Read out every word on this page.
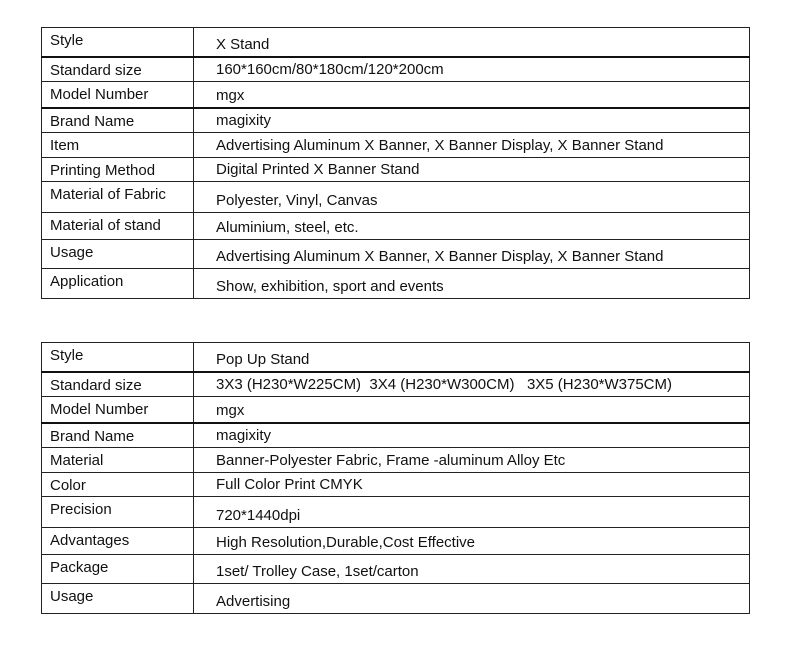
Style	X Stand
Standard size	160*160cm/80*180cm/120*200cm
Model Number	mgx
Brand Name	magixity
Item	Advertising Aluminum X Banner, X Banner Display, X Banner Stand
Printing Method	Digital Printed X Banner Stand
Material of Fabric	Polyester, Vinyl, Canvas
Material of stand	Aluminium, steel, etc.
Usage	Advertising Aluminum X Banner, X Banner Display, X Banner Stand
Application	Show, exhibition, sport and events
Style	Pop Up Stand
Standard size	3X3 (H230*W225CM)  3X4 (H230*W300CM)   3X5 (H230*W375CM)
Model Number	mgx
Brand Name	magixity
Material	Banner-Polyester Fabric, Frame -aluminum Alloy Etc
Color	Full Color Print CMYK
Precision	720*1440dpi
Advantages	High Resolution,Durable,Cost Effective
Package	1set/ Trolley Case, 1set/carton
Usage	Advertising
